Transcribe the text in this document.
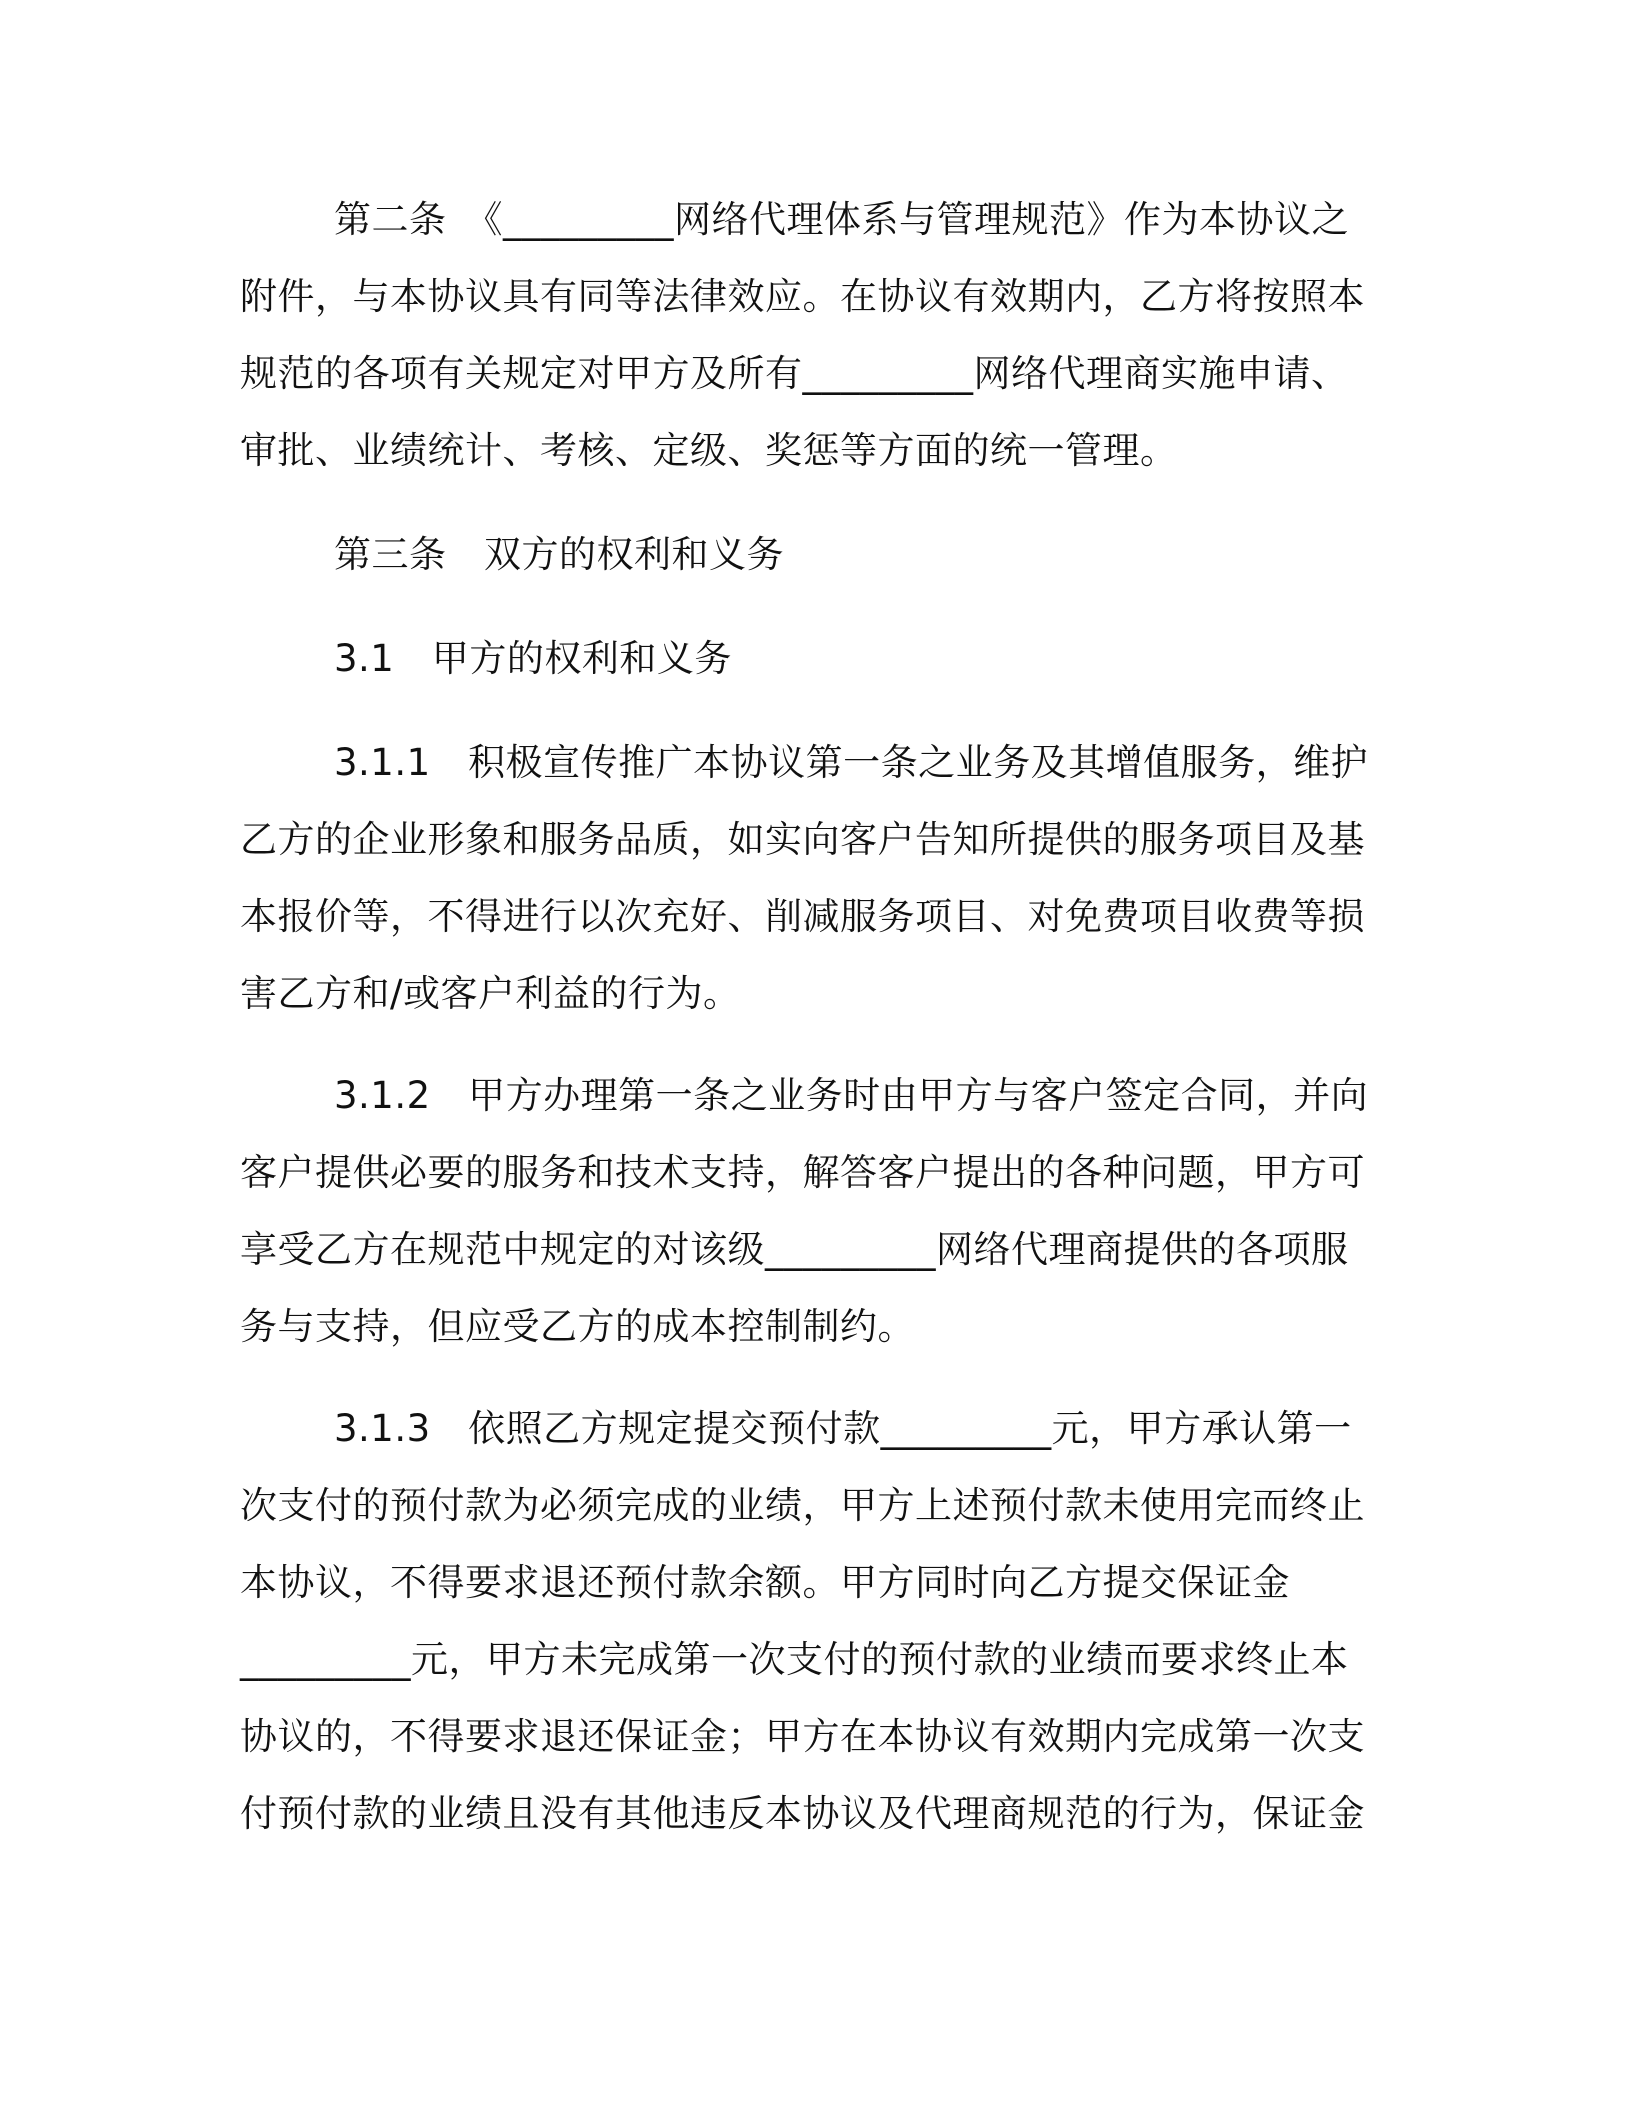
第二条　《_________网络代理体系与管理规范》作为本协议之
附件，与本协议具有同等法律效应。在协议有效期内，乙方将按照本
规范的各项有关规定对甲方及所有_________网络代理商实施申请、
审批、业绩统计、考核、定级、奖惩等方面的统一管理。
第三条　双方的权利和义务
3.1　甲方的权利和义务
3.1.1　积极宣传推广本协议第一条之业务及其增值服务，维护
乙方的企业形象和服务品质，如实向客户告知所提供的服务项目及基
本报价等，不得进行以次充好、削减服务项目、对免费项目收费等损
害乙方和/或客户利益的行为。
3.1.2　甲方办理第一条之业务时由甲方与客户签定合同，并向
客户提供必要的服务和技术支持，解答客户提出的各种问题，甲方可
享受乙方在规范中规定的对该级_________网络代理商提供的各项服
务与支持，但应受乙方的成本控制制约。
3.1.3　依照乙方规定提交预付款_________元，甲方承认第一
次支付的预付款为必须完成的业绩，甲方上述预付款未使用完而终止
本协议，不得要求退还预付款余额。甲方同时向乙方提交保证金
_________元，甲方未完成第一次支付的预付款的业绩而要求终止本
协议的，不得要求退还保证金；甲方在本协议有效期内完成第一次支
付预付款的业绩且没有其他违反本协议及代理商规范的行为，保证金
